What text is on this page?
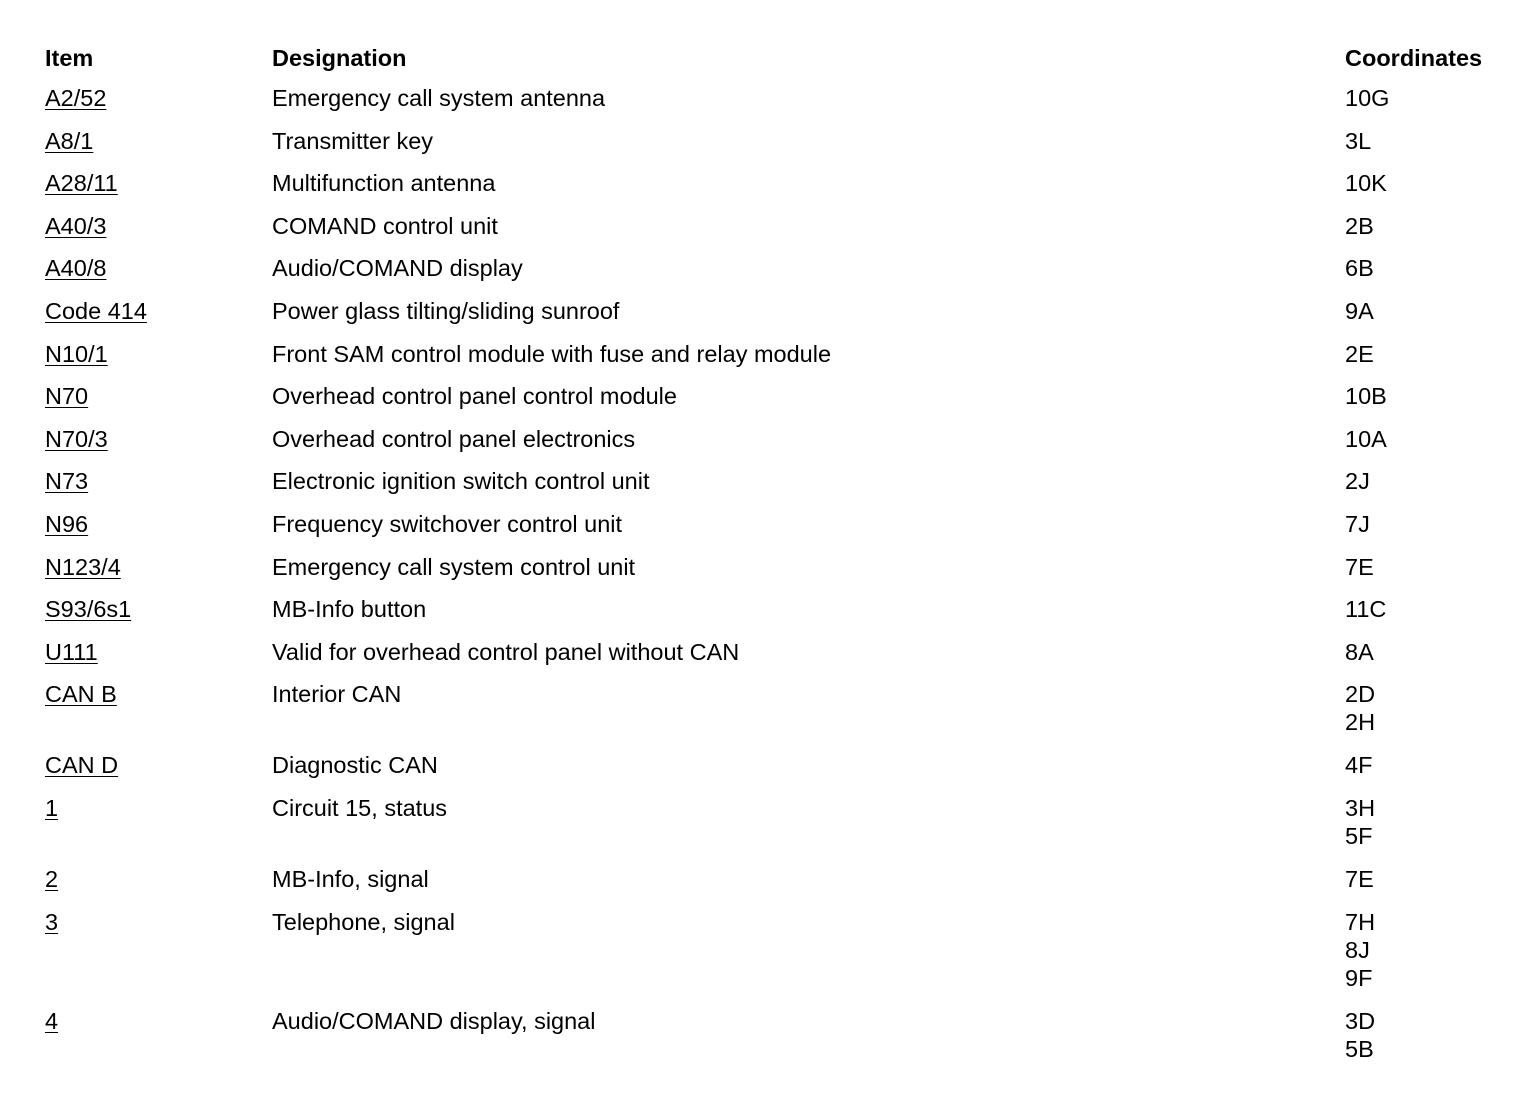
Item	Designation	Coordinates
A2/52	Emergency call system antenna	10G
A8/1	Transmitter key	3L
A28/11	Multifunction antenna	10K
A40/3	COMAND control unit	2B
A40/8	Audio/COMAND display	6B
Code 414	Power glass tilting/sliding sunroof	9A
N10/1	Front SAM control module with fuse and relay module	2E
N70	Overhead control panel control module	10B
N70/3	Overhead control panel electronics	10A
N73	Electronic ignition switch control unit	2J
N96	Frequency switchover control unit	7J
N123/4	Emergency call system control unit	7E
S93/6s1	MB-Info button	11C
U111	Valid for overhead control panel without CAN	8A
CAN B	Interior CAN	2D
2H
CAN D	Diagnostic CAN	4F
1	Circuit 15, status	3H
5F
2	MB-Info, signal	7E
3	Telephone, signal	7H
8J
9F
4	Audio/COMAND display, signal	3D
5B
